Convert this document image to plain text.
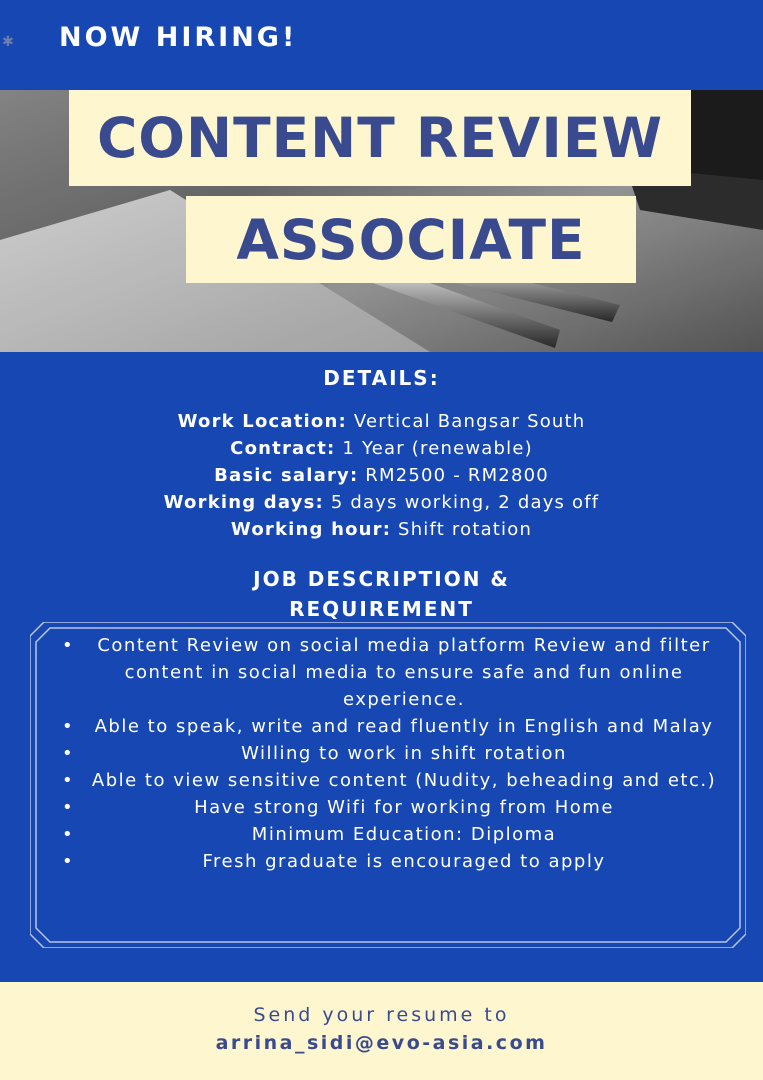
✱ NOW HIRING!
CONTENT REVIEW
ASSOCIATE
DETAILS:
Work Location: Vertical Bangsar South
Contract: 1 Year (renewable)
Basic salary: RM2500 - RM2800
Working days: 5 days working, 2 days off
Working hour: Shift rotation
JOB DESCRIPTION &
REQUIREMENT
•	Content Review on social media platform Review and filter content in social media to ensure safe and fun online experience.
•	Able to speak, write and read fluently in English and Malay
•	Willing to work in shift rotation
• Able to view sensitive content (Nudity, beheading and etc.)
•	Have strong Wifi for working from Home
•	Minimum Education: Diploma
•	Fresh graduate is encouraged to apply
Send your resume to
arrina_sidi@evo-asia.com
